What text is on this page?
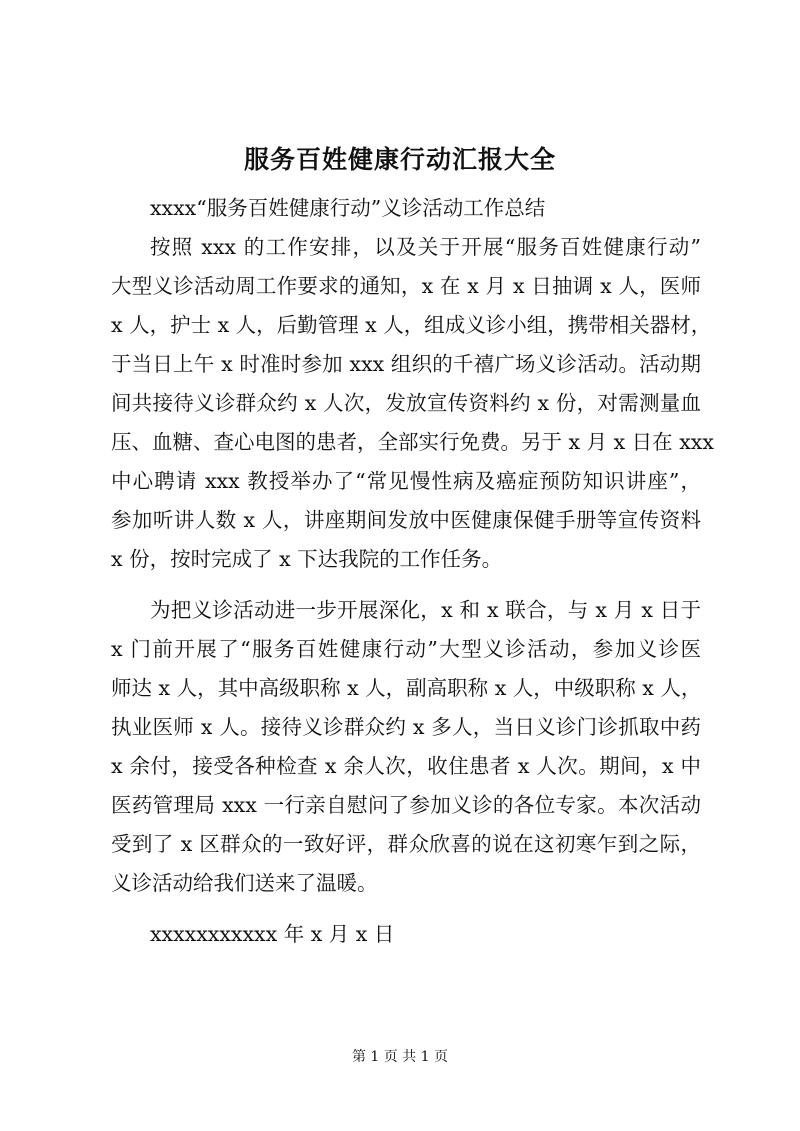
服务百姓健康行动汇报大全
xxxx“服务百姓健康行动”义诊活动工作总结
按照 xxx 的工作安排，以及关于开展“服务百姓健康行动”
大型义诊活动周工作要求的通知，x 在 x 月 x 日抽调 x 人，医师
x 人，护士 x 人，后勤管理 x 人，组成义诊小组，携带相关器材，
于当日上午 x 时准时参加 xxx 组织的千禧广场义诊活动。活动期
间共接待义诊群众约 x 人次，发放宣传资料约 x 份，对需测量血
压、血糖、查心电图的患者，全部实行免费。另于 x 月 x 日在 xxx
中心聘请 xxx 教授举办了“常见慢性病及癌症预防知识讲座”，
参加听讲人数 x 人，讲座期间发放中医健康保健手册等宣传资料
x 份，按时完成了 x 下达我院的工作任务。
为把义诊活动进一步开展深化，x 和 x 联合，与 x 月 x 日于
x 门前开展了“服务百姓健康行动”大型义诊活动，参加义诊医
师达 x 人，其中高级职称 x 人，副高职称 x 人，中级职称 x 人，
执业医师 x 人。接待义诊群众约 x 多人，当日义诊门诊抓取中药
x 余付，接受各种检查 x 余人次，收住患者 x 人次。期间，x 中
医药管理局 xxx 一行亲自慰问了参加义诊的各位专家。本次活动
受到了 x 区群众的一致好评，群众欣喜的说在这初寒乍到之际，
义诊活动给我们送来了温暖。
xxxxxxxxxxx 年 x 月 x 日
第 1 页 共 1 页
